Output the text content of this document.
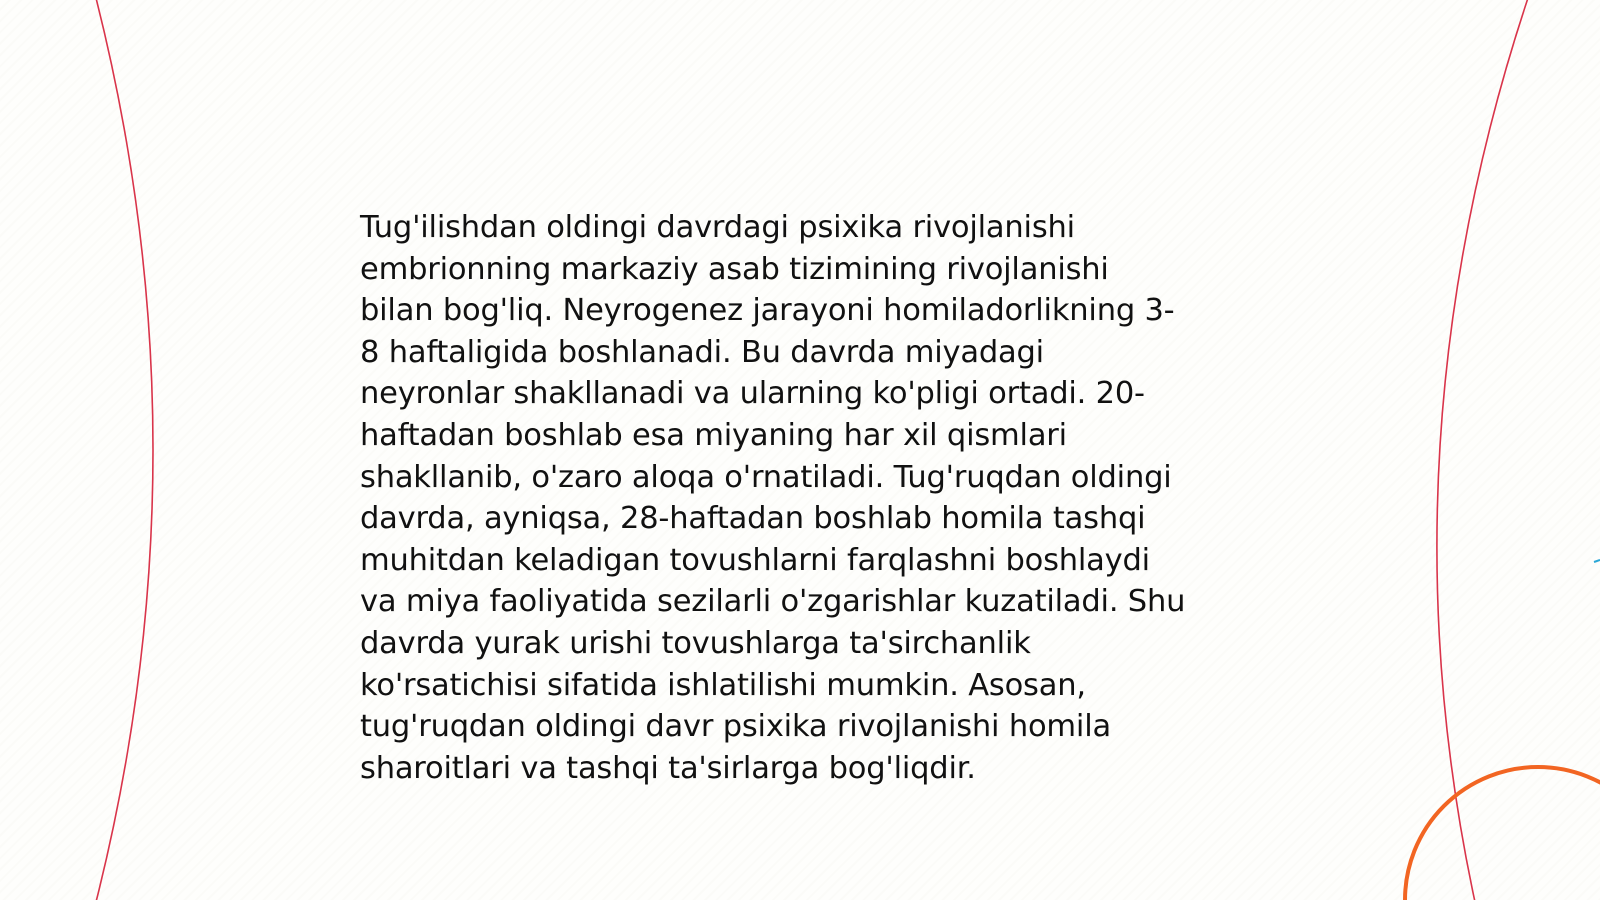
Tug'ilishdan oldingi davrdagi psixika rivojlanishi
embrionning markaziy asab tizimining rivojlanishi
bilan bog'liq. Neyrogenez jarayoni homiladorlikning 3-
8 haftaligida boshlanadi. Bu davrda miyadagi
neyronlar shakllanadi va ularning ko'pligi ortadi. 20-
haftadan boshlab esa miyaning har xil qismlari
shakllanib, o'zaro aloqa o'rnatiladi. Tug'ruqdan oldingi
davrda, ayniqsa, 28-haftadan boshlab homila tashqi
muhitdan keladigan tovushlarni farqlashni boshlaydi
va miya faoliyatida sezilarli o'zgarishlar kuzatiladi. Shu
davrda yurak urishi tovushlarga ta'sirchanlik
ko'rsatichisi sifatida ishlatilishi mumkin. Asosan,
tug'ruqdan oldingi davr psixika rivojlanishi homila
sharoitlari va tashqi ta'sirlarga bog'liqdir.
